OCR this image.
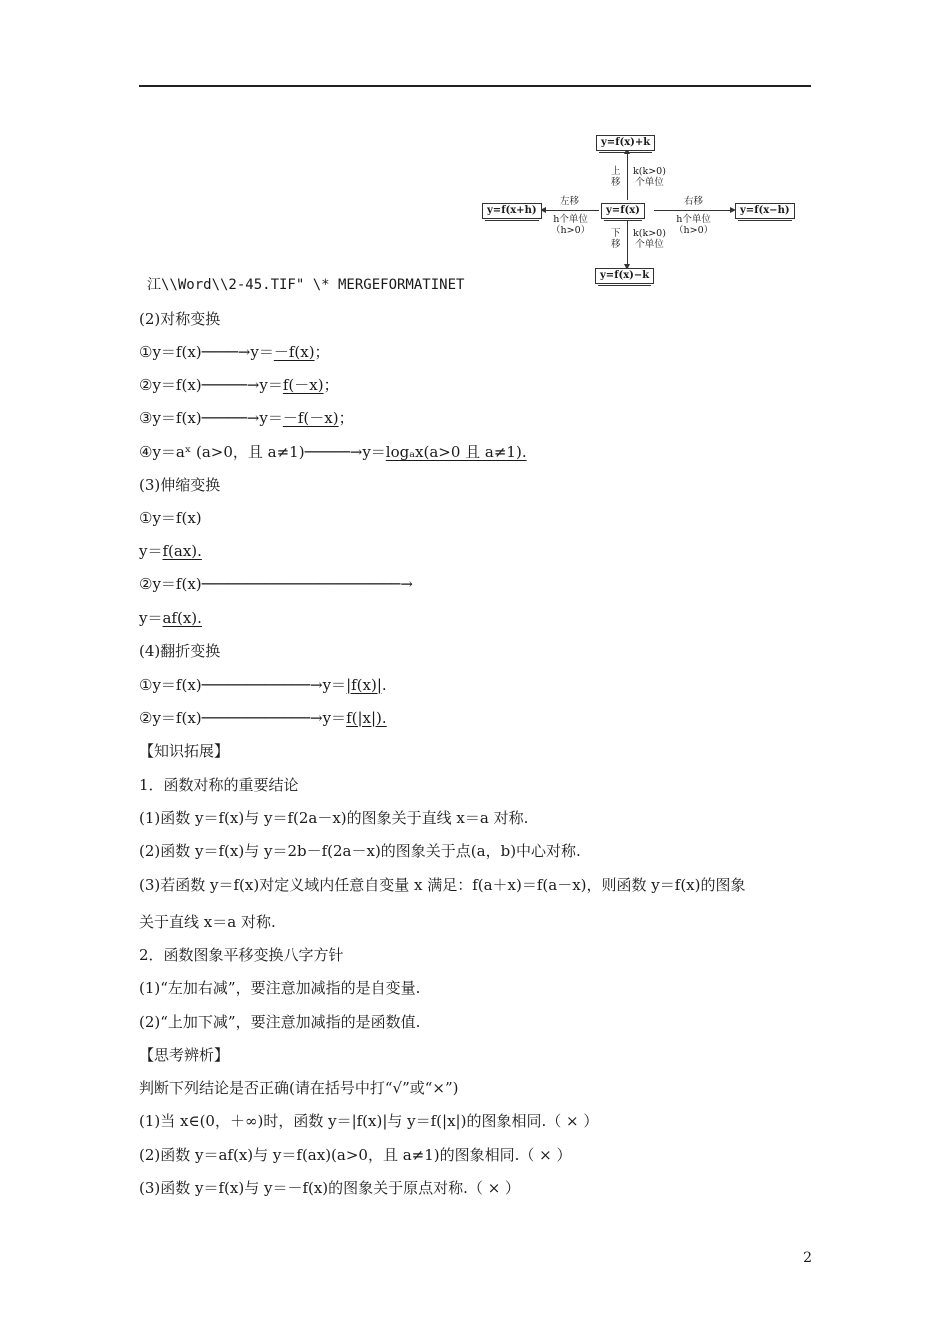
y=f(x)+k
y=f(x)
y=f(x+h)	y=f(x−h)
y=f(x)−k
上
移
k(k>0)
个单位
下
移
k(k>0)
个单位
左移
h个单位
（h>0）
右移
h个单位
（h>0）
江\\Word\\2-45.TIF" \* MERGEFORMATINET
(2)对称变换
①y＝f(x)────→y＝－f(x)；
②y＝f(x)─────→y＝f(－x)；
③y＝f(x)─────→y＝－f(－x)；
④y＝aˣ (a>0，且 a≠1)─────→y＝logₐx(a>0 且 a≠1).
(3)伸缩变换
①y＝f(x)
y＝f(ax).
②y＝f(x)──────────────────────→
y＝af(x).
(4)翻折变换
①y＝f(x)────────────→y＝|f(x)|.
②y＝f(x)────────────→y＝f(|x|).
【知识拓展】
1．函数对称的重要结论
(1)函数 y＝f(x)与 y＝f(2a－x)的图象关于直线 x＝a 对称.
(2)函数 y＝f(x)与 y＝2b－f(2a－x)的图象关于点(a，b)中心对称.
(3)若函数 y＝f(x)对定义域内任意自变量 x 满足：f(a＋x)＝f(a－x)，则函数 y＝f(x)的图象
关于直线 x＝a 对称.
2．函数图象平移变换八字方针
(1)“左加右减”，要注意加减指的是自变量.
(2)“上加下减”，要注意加减指的是函数值.
【思考辨析】
判断下列结论是否正确(请在括号中打“√”或“×”)
(1)当 x∈(0，＋∞)时，函数 y＝|f(x)|与 y＝f(|x|)的图象相同.（ × ）
(2)函数 y＝af(x)与 y＝f(ax)(a>0，且 a≠1)的图象相同.（ × ）
(3)函数 y＝f(x)与 y＝－f(x)的图象关于原点对称.（ × ）
2
